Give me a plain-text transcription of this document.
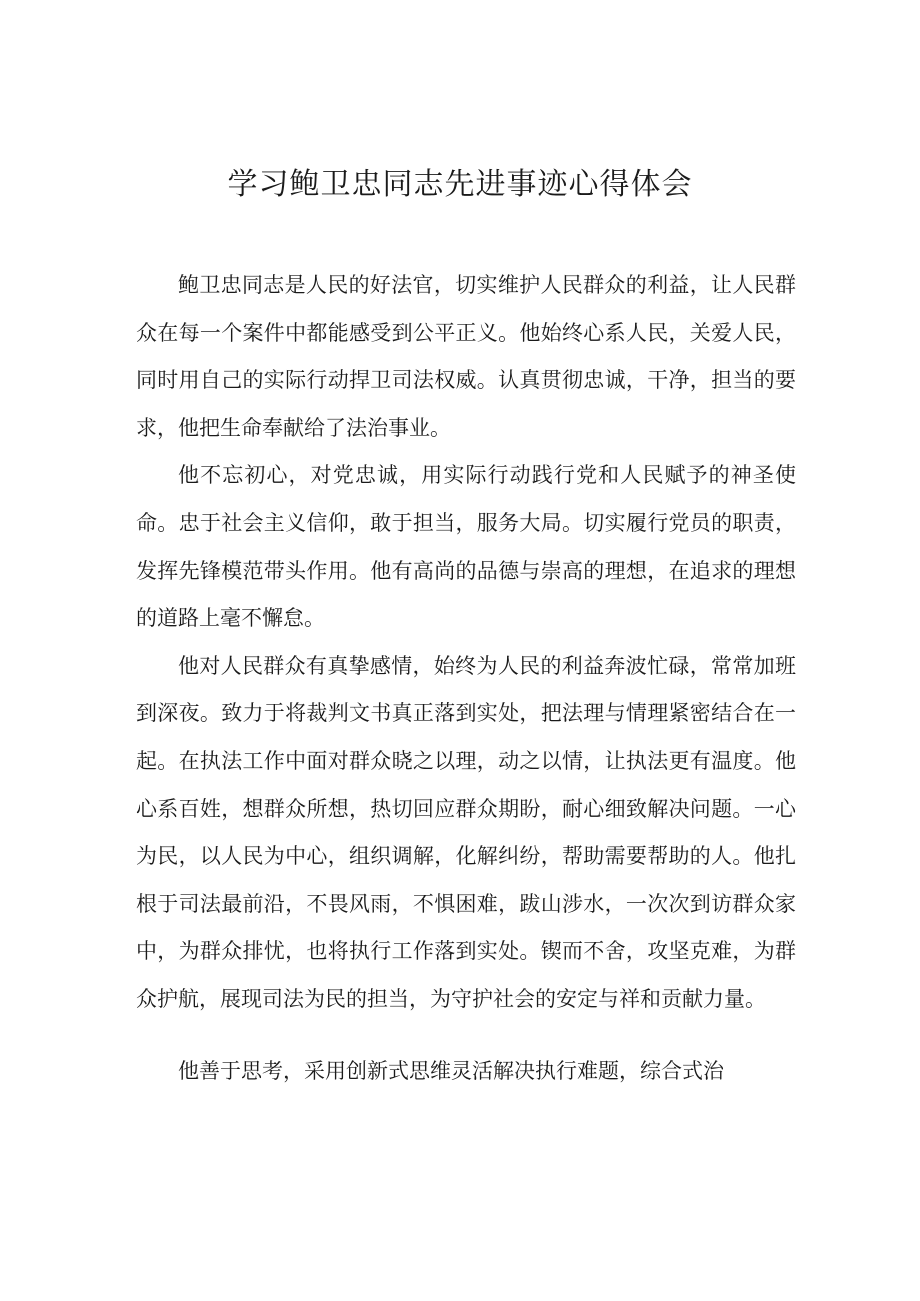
学习鲍卫忠同志先进事迹心得体会

鲍卫忠同志是人民的好法官，切实维护人民群众的利益，让人民群众在每一个案件中都能感受到公平正义。他始终心系人民，关爱人民，同时用自己的实际行动捍卫司法权威。认真贯彻忠诚，干净，担当的要求，他把生命奉献给了法治事业。

他不忘初心，对党忠诚，用实际行动践行党和人民赋予的神圣使命。忠于社会主义信仰，敢于担当，服务大局。切实履行党员的职责，发挥先锋模范带头作用。他有高尚的品德与崇高的理想，在追求的理想的道路上毫不懈怠。

他对人民群众有真挚感情，始终为人民的利益奔波忙碌，常常加班到深夜。致力于将裁判文书真正落到实处，把法理与情理紧密结合在一起。在执法工作中面对群众晓之以理，动之以情，让执法更有温度。他心系百姓，想群众所想，热切回应群众期盼，耐心细致解决问题。一心为民，以人民为中心，组织调解，化解纠纷，帮助需要帮助的人。他扎根于司法最前沿，不畏风雨，不惧困难，跋山涉水，一次次到访群众家中，为群众排忧，也将执行工作落到实处。锲而不舍，攻坚克难，为群众护航，展现司法为民的担当，为守护社会的安定与祥和贡献力量。

他善于思考，采用创新式思维灵活解决执行难题，综合式治
